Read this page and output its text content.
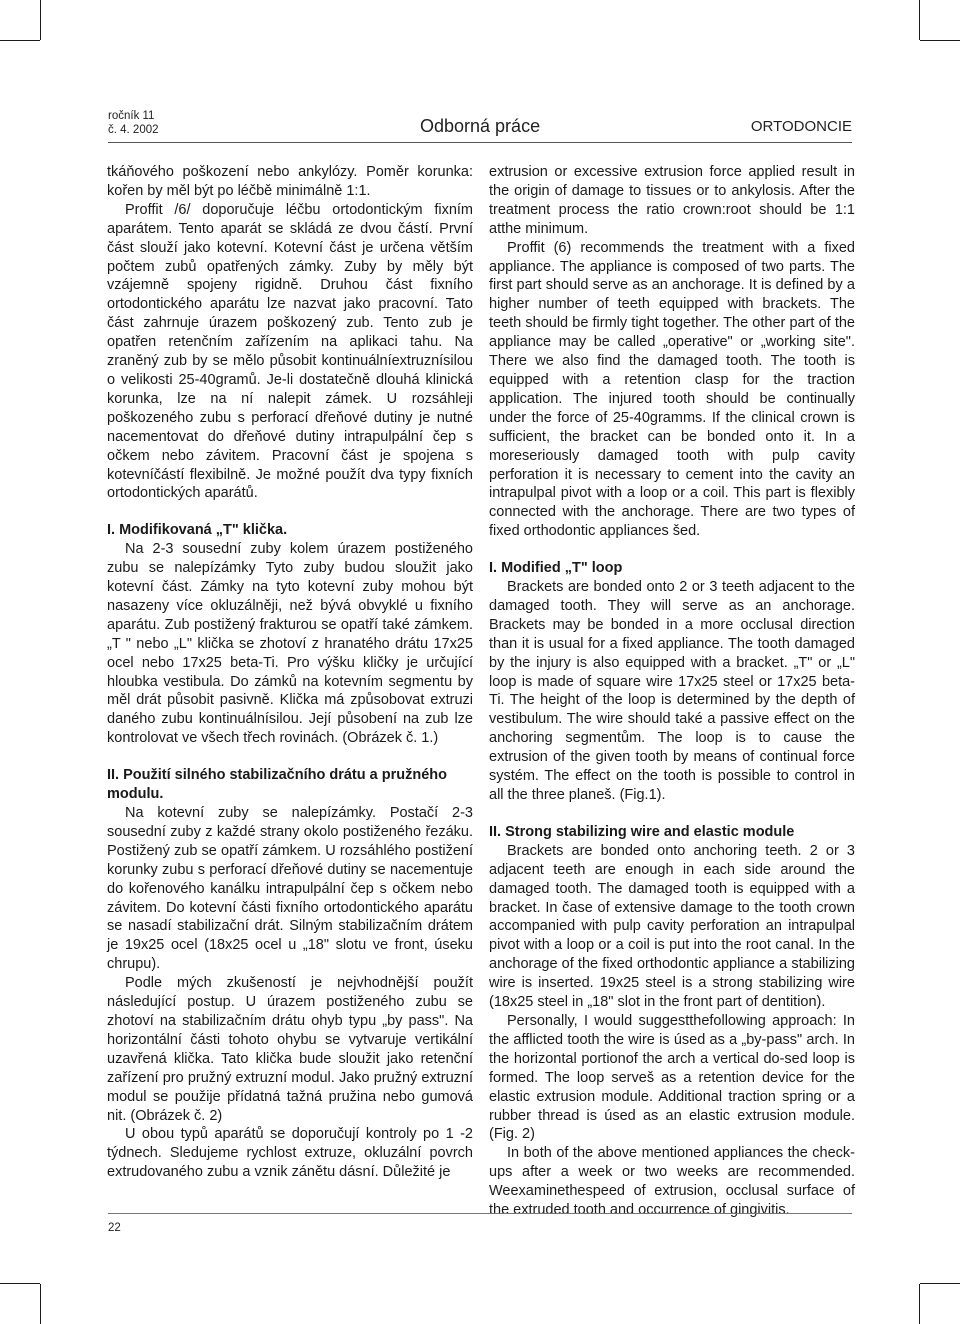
ročník 11
č. 4. 2002	Odborná práce	ORTODONCIE

tkáňového poškození nebo ankylózy. Poměr korunka: kořen by měl být po léčbě minimálně 1:1.

Proffit /6/ doporučuje léčbu ortodontickým fixním aparátem. Tento aparát se skládá ze dvou částí. První část slouží jako kotevní. Kotevní část je určena větším počtem zubů opatřených zámky. Zuby by měly být vzájemně spojeny rigidně. Druhou část fixního ortodontického aparátu lze nazvat jako pracovní. Tato část zahrnuje úrazem poškozený zub. Tento zub je opatřen retenčním zařízením na aplikaci tahu. Na zraněný zub by se mělo působit kontinuálníextruznísilou o velikosti 25-40gramů. Je-li dostatečně dlouhá klinická korunka, lze na ní nalepit zámek. U rozsáhleji poškozeného zubu s perforací dřeňové dutiny je nutné nacementovat do dřeňové dutiny intrapulpální čep s očkem nebo závitem. Pracovní část je spojena s kotevníčástí flexibilně. Je možné použít dva typy fixních ortodontických aparátů.

I. Modifikovaná „T" klička.

Na 2-3 sousední zuby kolem úrazem postiženého zubu se nalepízámky Tyto zuby budou sloužit jako kotevní část. Zámky na tyto kotevní zuby mohou být nasazeny více okluzálněji, než bývá obvyklé u fixního aparátu. Zub postižený frakturou se opatří také zámkem. „T " nebo „L" klička se zhotoví z hranatého drátu 17x25 ocel nebo 17x25 beta-Ti. Pro výšku kličky je určující hloubka vestibula. Do zámků na kotevním segmentu by měl drát působit pasivně. Klička má způsobovat extruzi daného zubu kontinuálnísilou. Její působení na zub lze kontrolovat ve všech třech rovinách. (Obrázek č. 1.)

II. Použití silného stabilizačního drátu a pružného modulu.

Na kotevní zuby se nalepízámky. Postačí 2-3 sousední zuby z každé strany okolo postiženého řezáku. Postižený zub se opatří zámkem. U rozsáhlého postižení korunky zubu s perforací dřeňové dutiny se nacementuje do kořenového kanálku intrapulpální čep s očkem nebo závitem. Do kotevní části fixního ortodontického aparátu se nasadí stabilizační drát. Silným stabilizačním drátem je 19x25 ocel (18x25 ocel u „18" slotu ve front, úseku chrupu).

Podle mých zkušeností je nejvhodnější použít následující postup. U úrazem postiženého zubu se zhotoví na stabilizačním drátu ohyb typu „by pass". Na horizontální části tohoto ohybu se vytvaruje vertikální uzavřená klička. Tato klička bude sloužit jako retenční zařízení pro pružný extruzní modul. Jako pružný extruzní modul se použije přídatná tažná pružina nebo gumová nit. (Obrázek č. 2)

U obou typů aparátů se doporučují kontroly po 1 -2 týdnech. Sledujeme rychlost extruze, okluzální povrch extrudovaného zubu a vznik zánětu dásní. Důležité je

extrusion or excessive extrusion force applied result in the origin of damage to tissues or to ankylosis. After the treatment process the ratio crown:root should be 1:1 atthe minimum.

Proffit (6) recommends the treatment with a fixed appliance. The appliance is composed of two parts. The first part should serve as an anchorage. It is defined by a higher number of teeth equipped with brackets. The teeth should be firmly tight together. The other part of the appliance may be called „operative" or „working site". There we also find the damaged tooth. The tooth is equipped with a retention clasp for the traction application. The injured tooth should be continually under the force of 25-40gramms. If the clinical crown is sufficient, the bracket can be bonded onto it. In a moreseriously damaged tooth with pulp cavity perforation it is necessary to cement into the cavity an intrapulpal pivot with a loop or a coil. This part is flexibly connected with the anchorage. There are two types of fixed orthodontic appliances šed.

I. Modified „T" loop

Brackets are bonded onto 2 or 3 teeth adjacent to the damaged tooth. They will serve as an anchorage. Brackets may be bonded in a more occlusal direction than it is usual for a fixed appliance. The tooth damaged by the injury is also equipped with a bracket. „T" or „L" loop is made of square wire 17x25 steel or 17x25 beta-Ti. The height of the loop is determined by the depth of vestibulum. The wire should také a passive effect on the anchoring segmentům. The loop is to cause the extrusion of the given tooth by means of continual force systém. The effect on the tooth is possible to control in all the three planeš. (Fig.1).

II. Strong stabilizing wire and elastic module

Brackets are bonded onto anchoring teeth. 2 or 3 adjacent teeth are enough in each side around the damaged tooth. The damaged tooth is equipped with a bracket. In čase of extensive damage to the tooth crown accompanied with pulp cavity perforation an intrapulpal pivot with a loop or a coil is put into the root canal. In the anchorage of the fixed orthodontic appliance a stabilizing wire is inserted. 19x25 steel is a strong stabilizing wire (18x25 steel in „18" slot in the front part of dentition).

Personally, I would suggestthefollowing approach: In the afflicted tooth the wire is úsed as a „by-pass" arch. In the horizontal portionof the arch a vertical do-sed loop is formed. The loop serveš as a retention device for the elastic extrusion module. Additional traction spring or a rubber thread is úsed as an elastic extrusion module. (Fig. 2)

In both of the above mentioned appliances the check-ups after a week or two weeks are recommended. Weexaminethespeed of extrusion, occlusal surface of the extruded tooth and occurrence of gingivitis.

22
